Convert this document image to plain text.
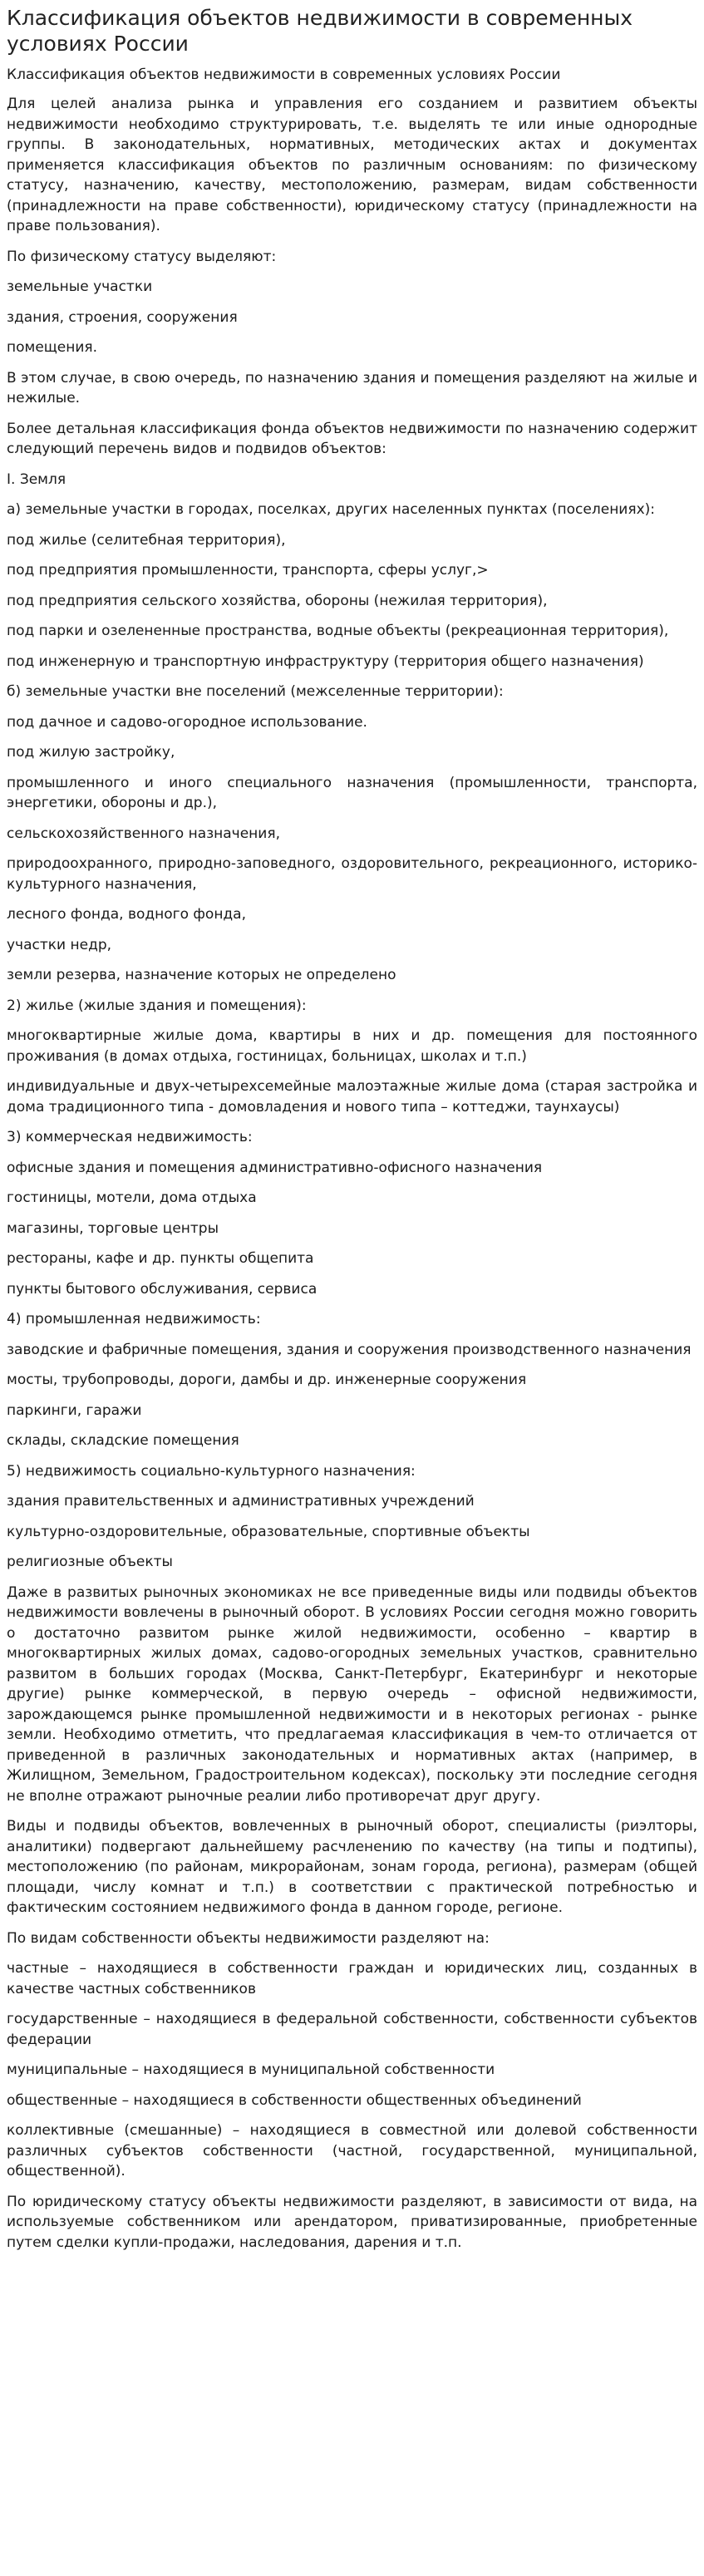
Классификация объектов недвижимости в современных условиях России
Классификация объектов недвижимости в современных условиях России

Для целей анализа рынка и управления его созданием и развитием объекты недвижимости необходимо структурировать, т.е. выделять те или иные однородные группы. В законодательных, нормативных, методических актах и документах применяется классификация объектов по различным основаниям: по физическому статусу, назначению, качеству, местоположению, размерам, видам собственности (принадлежности на праве собственности), юридическому статусу (принадлежности на праве пользования).

По физическому статусу выделяют:

земельные участки

здания, строения, сооружения

помещения.

В этом случае, в свою очередь, по назначению здания и помещения разделяют на жилые и нежилые.

Более детальная классификация фонда объектов недвижимости по назначению содержит следующий перечень видов и подвидов объектов:

I. Земля

а) земельные участки в городах, поселках, других населенных пунктах (поселениях):

под жилье (селитебная территория),

под предприятия промышленности, транспорта, сферы услуг,>

под предприятия сельского хозяйства, обороны (нежилая территория),

под парки и озелененные пространства, водные объекты (рекреационная территория),

под инженерную и транспортную инфраструктуру (территория общего назначения)

б) земельные участки вне поселений (межселенные территории):

под дачное и садово-огородное использование.

под жилую застройку,

промышленного и иного специального назначения (промышленности, транспорта, энергетики, обороны и др.),

сельскохозяйственного назначения,

природоохранного, природно-заповедного, оздоровительного, рекреационного, историко-культурного назначения,

лесного фонда, водного фонда,

участки недр,

земли резерва, назначение которых не определено

2) жилье (жилые здания и помещения):

многоквартирные жилые дома, квартиры в них и др. помещения для постоянного проживания (в домах отдыха, гостиницах, больницах, школах и т.п.)

индивидуальные и двух-четырехсемейные малоэтажные жилые дома (старая застройка и дома традиционного типа - домовладения и нового типа – коттеджи, таунхаусы)

3) коммерческая недвижимость:

офисные здания и помещения административно-офисного назначения

гостиницы, мотели, дома отдыха

магазины, торговые центры

рестораны, кафе и др. пункты общепита

пункты бытового обслуживания, сервиса

4) промышленная недвижимость:

заводские и фабричные помещения, здания и сооружения производственного назначения

мосты, трубопроводы, дороги, дамбы и др. инженерные сооружения

паркинги, гаражи

склады, складские помещения

5) недвижимость социально-культурного назначения:

здания правительственных и административных учреждений

культурно-оздоровительные, образовательные, спортивные объекты

религиозные объекты

Даже в развитых рыночных экономиках не все приведенные виды или подвиды объектов недвижимости вовлечены в рыночный оборот. В условиях России сегодня можно говорить о достаточно развитом рынке жилой недвижимости, особенно – квартир в многоквартирных жилых домах, садово-огородных земельных участков, сравнительно развитом в больших городах (Москва, Санкт-Петербург, Екатеринбург и некоторые другие) рынке коммерческой, в первую очередь – офисной недвижимости, зарождающемся рынке промышленной недвижимости и в некоторых регионах - рынке земли. Необходимо отметить, что предлагаемая классификация в чем-то отличается от приведенной в различных законодательных и нормативных актах (например, в Жилищном, Земельном, Градостроительном кодексах), поскольку эти последние сегодня не вполне отражают рыночные реалии либо противоречат друг другу.

Виды и подвиды объектов, вовлеченных в рыночный оборот, специалисты (риэлторы, аналитики) подвергают дальнейшему расчленению по качеству (на типы и подтипы), местоположению (по районам, микрорайонам, зонам города, региона), размерам (общей площади, числу комнат и т.п.) в соответствии с практической потребностью и фактическим состоянием недвижимого фонда в данном городе, регионе.

По видам собственности объекты недвижимости разделяют на:

частные – находящиеся в собственности граждан и юридических лиц, созданных в качестве частных собственников

государственные – находящиеся в федеральной собственности, собственности субъектов федерации

муниципальные – находящиеся в муниципальной собственности

общественные – находящиеся в собственности общественных объединений

коллективные (смешанные) – находящиеся в совместной или долевой собственности различных субъектов собственности (частной, государственной, муниципальной, общественной).

По юридическому статусу объекты недвижимости разделяют, в зависимости от вида, на используемые собственником или арендатором, приватизированные, приобретенные путем сделки купли-продажи, наследования, дарения и т.п.
